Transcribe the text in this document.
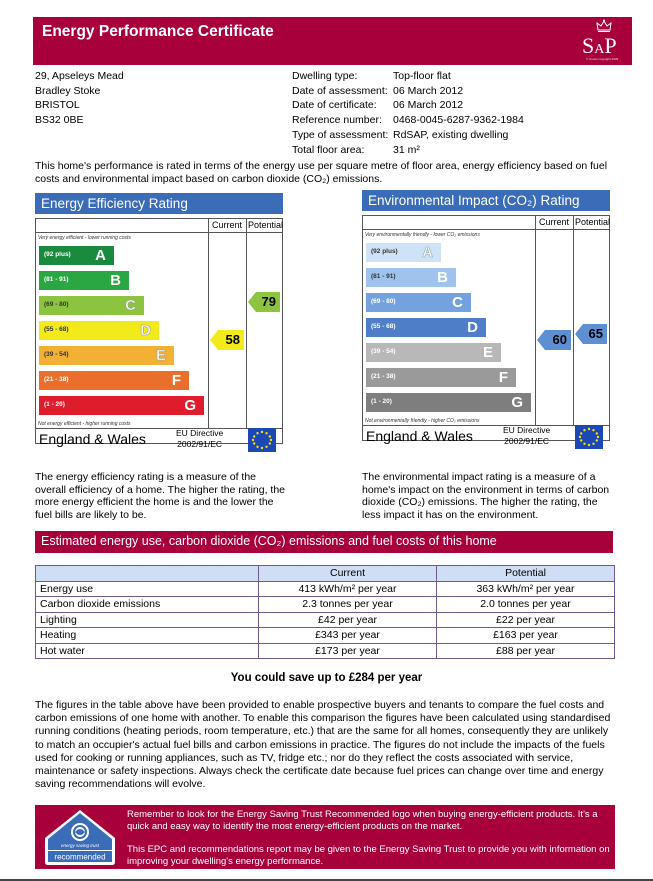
Energy Performance Certificate
SAP
© Crown copyright 2009
29, Apseleys Mead
Bradley Stoke
BRISTOL
BS32 0BE
Dwelling type:	Top-floor flat
Date of assessment: 06 March 2012
Date of certificate:	06 March 2012
Reference number:	0468-0045-6287-9362-1984
Type of assessment: RdSAP, existing dwelling
Total floor area:	31 m²
This home's performance is rated in terms of the energy use per square metre of floor area, energy efficiency based on fuel costs and environmental impact based on carbon dioxide (CO₂) emissions.
Energy Efficiency Rating
Current Potential
Very energy efficient - lower running costs
(92 plus) A
(81 - 91)	B
(69 - 80)	C
(55 - 68)	D
(39 - 54)	E
(21 - 38)	F
(1 - 20)	G
58
79
Not energy efficient - higher running costs
England & Wales	EU Directive
2002/91/EC
The energy efficiency rating is a measure of the overall efficiency of a home. The higher the rating, the more energy efficient the home is and the lower the fuel bills are likely to be.
Environmental Impact (CO₂) Rating
Current Potential
Very environmentally friendly - lower CO₂ emissions
(92 plus) A
(81 - 91)	B
(69 - 80)	C
(55 - 68)	D
(39 - 54)	E
(21 - 38)	F
(1 - 20)	G
60 65
Not environmentally friendly - higher CO₂ emissions
England & Wales	EU Directive
2002/91/EC
The environmental impact rating is a measure of a home's impact on the environment in terms of carbon dioxide (CO₂) emissions. The higher the rating, the less impact it has on the environment.
Estimated energy use, carbon dioxide (CO₂) emissions and fuel costs of this home
	Current	Potential
Energy use	413 kWh/m² per year	363 kWh/m² per year
Carbon dioxide emissions	2.3 tonnes per year	2.0 tonnes per year
Lighting	£42 per year	£22 per year
Heating	£343 per year	£163 per year
Hot water	£173 per year	£88 per year
You could save up to £284 per year
The figures in the table above have been provided to enable prospective buyers and tenants to compare the fuel costs and carbon emissions of one home with another. To enable this comparison the figures have been calculated using standardised running conditions (heating periods, room temperature, etc.) that are the same for all homes, consequently they are unlikely to match an occupier's actual fuel bills and carbon emissions in practice. The figures do not include the impacts of the fuels used for cooking or running appliances, such as TV, fridge etc.; nor do they reflect the costs associated with service, maintenance or safety inspections. Always check the certificate date because fuel prices can change over time and energy saving recommendations will evolve.
recommended
energy saving trust
Remember to look for the Energy Saving Trust Recommended logo when buying energy-efficient products. It's a quick and easy way to identify the most energy-efficient products on the market.
This EPC and recommendations report may be given to the Energy Saving Trust to provide you with information on improving your dwelling's energy performance.
